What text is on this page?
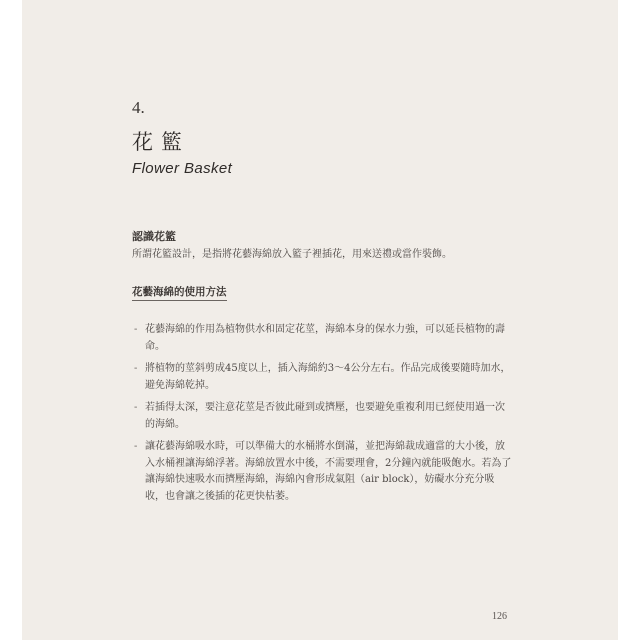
4.
花籃
Flower Basket
認識花籃
所謂花籃設計，是指將花藝海綿放入籃子裡插花，用來送禮或當作裝飾。
花藝海綿的使用方法
- 花藝海綿的作用為植物供水和固定花莖，海綿本身的保水力強，可以延長植物的壽命。
- 將植物的莖斜剪成45度以上，插入海綿約3～4公分左右。作品完成後要隨時加水，避免海綿乾掉。
- 若插得太深，要注意花莖是否彼此碰到或擠壓，也要避免重複利用已經使用過一次的海綿。
- 讓花藝海綿吸水時，可以準備大的水桶將水倒滿，並把海綿裁成適當的大小後，放入水桶裡讓海綿浮著。海綿放置水中後，不需要理會，2分鐘內就能吸飽水。若為了讓海綿快速吸水而擠壓海綿，海綿內會形成氣阻（air block），妨礙水分充分吸收，也會讓之後插的花更快枯萎。
126
